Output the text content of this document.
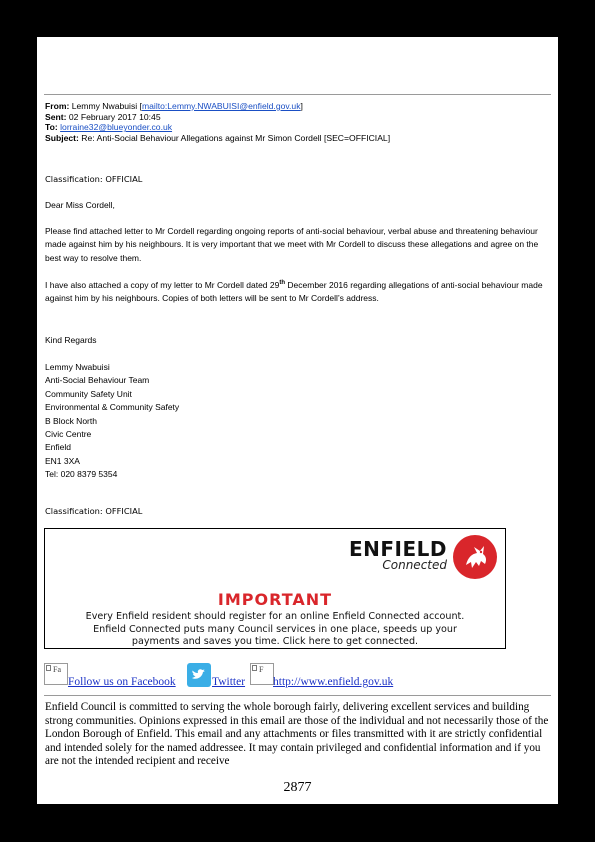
From: Lemmy Nwabuisi [mailto:Lemmy.NWABUISI@enfield.gov.uk]
Sent: 02 February 2017 10:45
To: lorraine32@blueyonder.co.uk
Subject: Re: Anti-Social Behaviour Allegations against Mr Simon Cordell [SEC=OFFICIAL]
Classification: OFFICIAL
Dear Miss Cordell,
Please find attached letter to Mr Cordell regarding ongoing reports of anti-social behaviour, verbal abuse and threatening behaviour made against him by his neighbours. It is very important that we meet with Mr Cordell to discuss these allegations and agree on the best way to resolve them.
I have also attached a copy of my letter to Mr Cordell dated 29th December 2016 regarding allegations of anti-social behaviour made against him by his neighbours. Copies of both letters will be sent to Mr Cordell’s address.
Kind Regards
Lemmy Nwabuisi
Anti-Social Behaviour Team
Community Safety Unit
Environmental & Community Safety
B Block North
Civic Centre
Enfield
EN1 3XA
Tel: 020 8379 5354
Classification: OFFICIAL
ENFIELD
Connected
IMPORTANT
Every Enfield resident should register for an online Enfield Connected account.
Enfield Connected puts many Council services in one place, speeds up your
payments and saves you time. Click here to get connected.
Fa
Follow us on Facebook	Twitter
F
http://www.enfield.gov.uk
Enfield Council is committed to serving the whole borough fairly, delivering excellent services and building strong communities. Opinions expressed in this email are those of the individual and not necessarily those of the London Borough of Enfield. This email and any attachments or files transmitted with it are strictly confidential and intended solely for the named addressee. It may contain privileged and confidential information and if you are not the intended recipient and receive
2877
